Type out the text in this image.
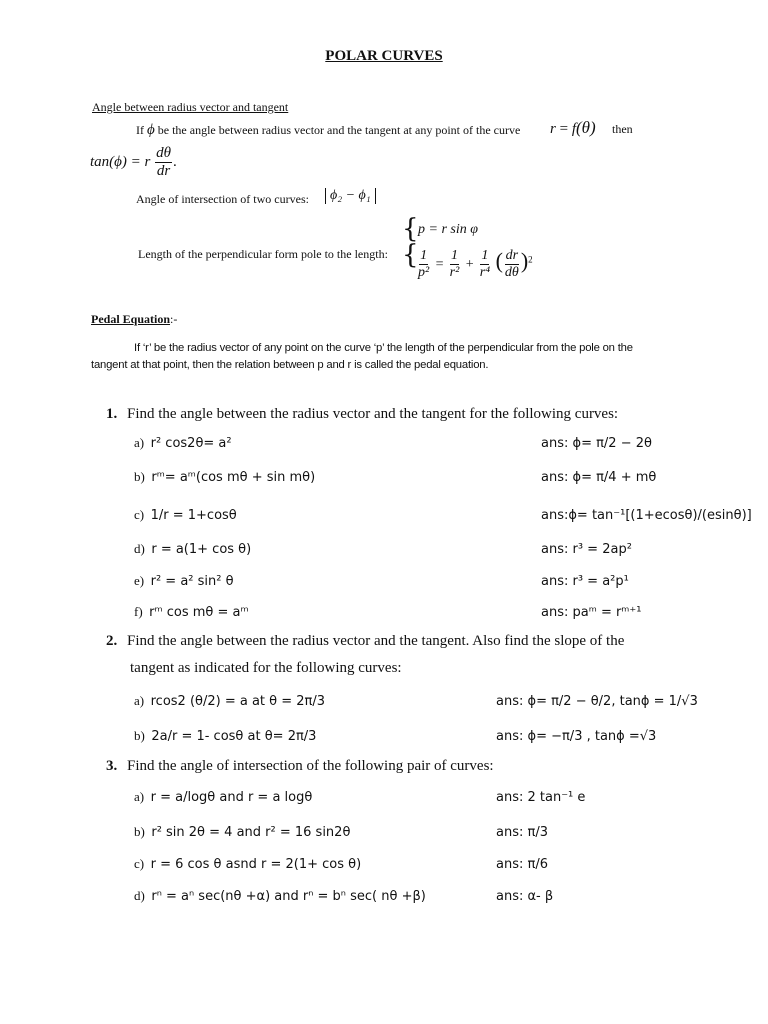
POLAR CURVES
Angle between radius vector and tangent
If ϕ be the angle between radius vector and the tangent at any point of the curve r = f(θ) then
tan(ϕ) = r $\frac{d\theta}{dr}$ .
Angle of intersection of two curves:	ϕ₂ − ϕ₁
Length of the perpendicular form pole to the length:
{
{
p = r sin φ
$\frac{1}{\text{p²}} = \frac{1}{\text{r²}} + \frac{1}{\text{r⁴}}$ ( $\frac{dr}{d\theta} )^2$
Pedal Equation:-
If ‘r’ be the radius vector of any point on the curve ‘p’ the length of the perpendicular from the pole on the
tangent at that point, then the relation between p and r is called the pedal equation.
1. Find the angle between the radius vector and the tangent for the following curves:
a) r² cos2θ= a²	ans: ϕ= π/2 − 2θ
b) rᵐ= aᵐ(cos mθ + sin mθ)	ans: ϕ= π/4 + mθ
c) 1/r = 1+cosθ	ans:ϕ= tan⁻¹[(1+ecosθ)/(esinθ)]
d) r = a(1+ cos θ)	ans: r³ = 2ap²
e) r² = a² sin² θ	ans: r³ = a²p¹
f) rᵐ cos mθ = aᵐ	ans: paᵐ = rᵐ⁺¹
2. Find the angle between the radius vector and the tangent. Also find the slope of the
tangent as indicated for the following curves:
a) rcos2 (θ/2) = a at θ = 2π/3	ans: ϕ= π/2 − θ/2, tanϕ = 1/√3
b) 2a/r = 1- cosθ at θ= 2π/3	ans: ϕ= −π/3 , tanϕ =√3
3. Find the angle of intersection of the following pair of curves:
a) r = a/logθ and r = a logθ	ans: 2 tan⁻¹ e
b) r² sin 2θ = 4 and r² = 16 sin2θ	ans: π/3
c) r = 6 cos θ asnd r = 2(1+ cos θ)	ans: π/6
d) rⁿ = aⁿ sec(nθ +α) and rⁿ = bⁿ sec( nθ +β)	ans: α- β
